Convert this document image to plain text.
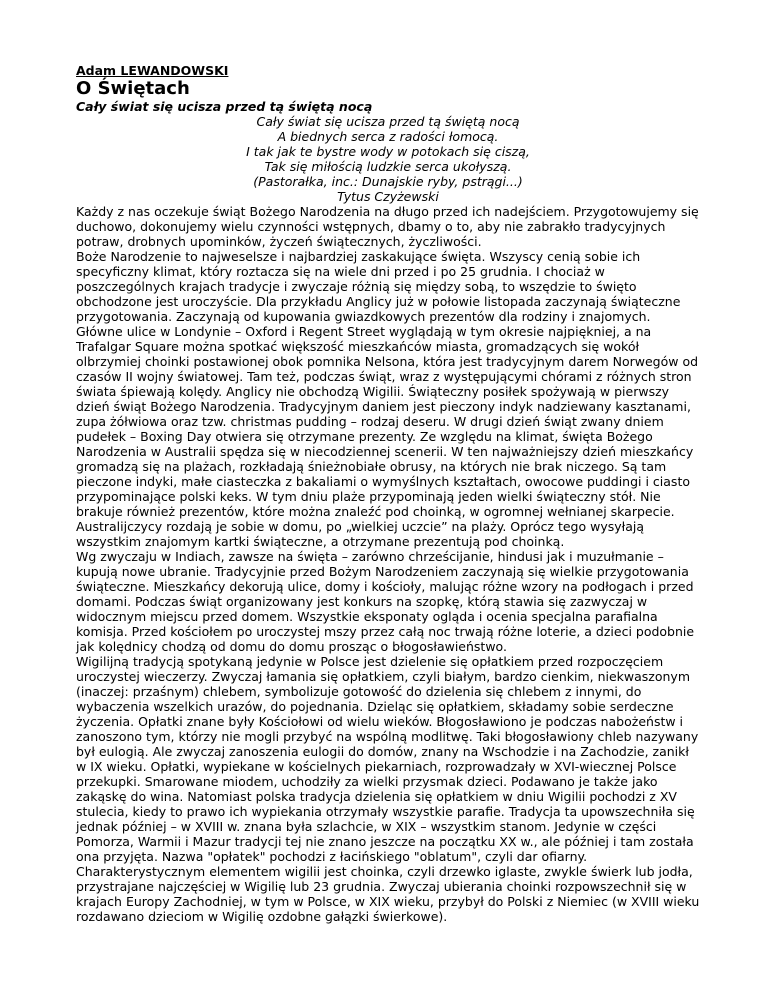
Adam LEWANDOWSKI
O Świętach
Cały świat się ucisza przed tą świętą nocą
Cały świat się ucisza przed tą świętą nocą
A biednych serca z radości łomocą.
I tak jak te bystre wody w potokach się ciszą,
Tak się miłością ludzkie serca ukołyszą.
(Pastorałka, inc.: Dunajskie ryby, pstrągi...)
Tytus Czyżewski
Każdy z nas oczekuje świąt Bożego Narodzenia na długo przed ich nadejściem. Przygotowujemy się duchowo, dokonujemy wielu czynności wstępnych, dbamy o to, aby nie zabrakło tradycyjnych potraw, drobnych upominków, życzeń świątecznych, życzliwości.
Boże Narodzenie to najweselsze i najbardziej zaskakujące święta. Wszyscy cenią sobie ich specyficzny klimat, który roztacza się na wiele dni przed i po 25 grudnia. I chociaż w poszczególnych krajach tradycje i zwyczaje różnią się między sobą, to wszędzie to święto obchodzone jest uroczyście. Dla przykładu Anglicy już w połowie listopada zaczynają świąteczne przygotowania. Zaczynają od kupowania gwiazdkowych prezentów dla rodziny i znajomych. Główne ulice w Londynie – Oxford i Regent Street wyglądają w tym okresie najpiękniej, a na Trafalgar Square można spotkać większość mieszkańców miasta, gromadzących się wokół olbrzymiej choinki postawionej obok pomnika Nelsona, która jest tradycyjnym darem Norwegów od czasów II wojny światowej. Tam też, podczas świąt, wraz z występującymi chórami z różnych stron świata śpiewają kolędy. Anglicy nie obchodzą Wigilii. Świąteczny posiłek spożywają w pierwszy dzień świąt Bożego Narodzenia. Tradycyjnym daniem jest pieczony indyk nadziewany kasztanami, zupa żółwiowa oraz tzw. christmas pudding – rodzaj deseru. W drugi dzień świąt zwany dniem pudełek – Boxing Day otwiera się otrzymane prezenty. Ze względu na klimat, święta Bożego Narodzenia w Australii spędza się w niecodziennej scenerii. W ten najważniejszy dzień mieszkańcy gromadzą się na plażach, rozkładają śnieżnobiałe obrusy, na których nie brak niczego. Są tam pieczone indyki, małe ciasteczka z bakaliami o wymyślnych kształtach, owocowe puddingi i ciasto przypominające polski keks. W tym dniu plaże przypominają jeden wielki świąteczny stół. Nie brakuje również prezentów, które można znaleźć pod choinką, w ogromnej wełnianej skarpecie. Australijczycy rozdają je sobie w domu, po „wielkiej uczcie” na plaży. Oprócz tego wysyłają wszystkim znajomym kartki świąteczne, a otrzymane prezentują pod choinką.
Wg zwyczaju w Indiach, zawsze na święta – zarówno chrześcijanie, hindusi jak i muzułmanie – kupują nowe ubranie. Tradycyjnie przed Bożym Narodzeniem zaczynają się wielkie przygotowania świąteczne. Mieszkańcy dekorują ulice, domy i kościoły, malując różne wzory na podłogach i przed domami. Podczas świąt organizowany jest konkurs na szopkę, którą stawia się zazwyczaj w widocznym miejscu przed domem. Wszystkie eksponaty ogląda i ocenia specjalna parafialna komisja. Przed kościołem po uroczystej mszy przez całą noc trwają różne loterie, a dzieci podobnie jak kolędnicy chodzą od domu do domu prosząc o błogosławieństwo.
Wigilijną tradycją spotykaną jedynie w Polsce jest dzielenie się opłatkiem przed rozpoczęciem uroczystej wieczerzy. Zwyczaj łamania się opłatkiem, czyli białym, bardzo cienkim, niekwaszonym (inaczej: przaśnym) chlebem, symbolizuje gotowość do dzielenia się chlebem z innymi, do wybaczenia wszelkich urazów, do pojednania. Dzieląc się opłatkiem, składamy sobie serdeczne życzenia. Opłatki znane były Kościołowi od wielu wieków. Błogosławiono je podczas nabożeństw i zanoszono tym, którzy nie mogli przybyć na wspólną modlitwę. Taki błogosławiony chleb nazywany był eulogią. Ale zwyczaj zanoszenia eulogii do domów, znany na Wschodzie i na Zachodzie, zanikł w IX wieku. Opłatki, wypiekane w kościelnych piekarniach, rozprowadzały w XVI-wiecznej Polsce przekupki. Smarowane miodem, uchodziły za wielki przysmak dzieci. Podawano je także jako zakąskę do wina. Natomiast polska tradycja dzielenia się opłatkiem w dniu Wigilii pochodzi z XV stulecia, kiedy to prawo ich wypiekania otrzymały wszystkie parafie. Tradycja ta upowszechniła się jednak później – w XVIII w. znana była szlachcie, w XIX – wszystkim stanom. Jedynie w części Pomorza, Warmii i Mazur tradycji tej nie znano jeszcze na początku XX w., ale później i tam została ona przyjęta. Nazwa "opłatek" pochodzi z łacińskiego "oblatum", czyli dar ofiarny.
Charakterystycznym elementem wigilii jest choinka, czyli drzewko iglaste, zwykle świerk lub jodła, przystrajane najczęściej w Wigilię lub 23 grudnia. Zwyczaj ubierania choinki rozpowszechnił się w krajach Europy Zachodniej, w tym w Polsce, w XIX wieku, przybył do Polski z Niemiec (w XVIII wieku rozdawano dzieciom w Wigilię ozdobne gałązki świerkowe).
